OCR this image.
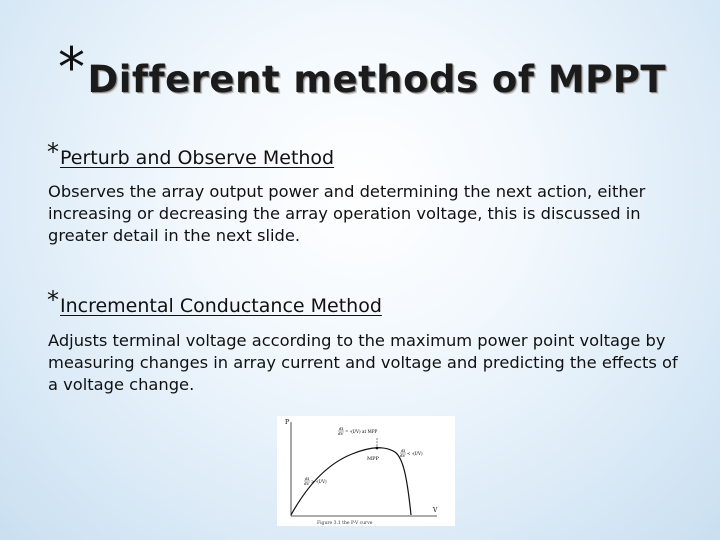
*Different methods of MPPT
*Perturb and Observe Method
Observes the array output power and determining the next action, either increasing or decreasing the array operation voltage, this is discussed in greater detail in the next slide.
*Incremental Conductance Method
Adjusts terminal voltage according to the maximum power point voltage by measuring changes in array current and voltage and predicting the effects of a voltage change.
P
V
MPP
dI
dV = -(I/V) at MPP
dI
dV < -(I/V)
dI
dV > -(I/V)
Figure 3.1 the P-V curve
